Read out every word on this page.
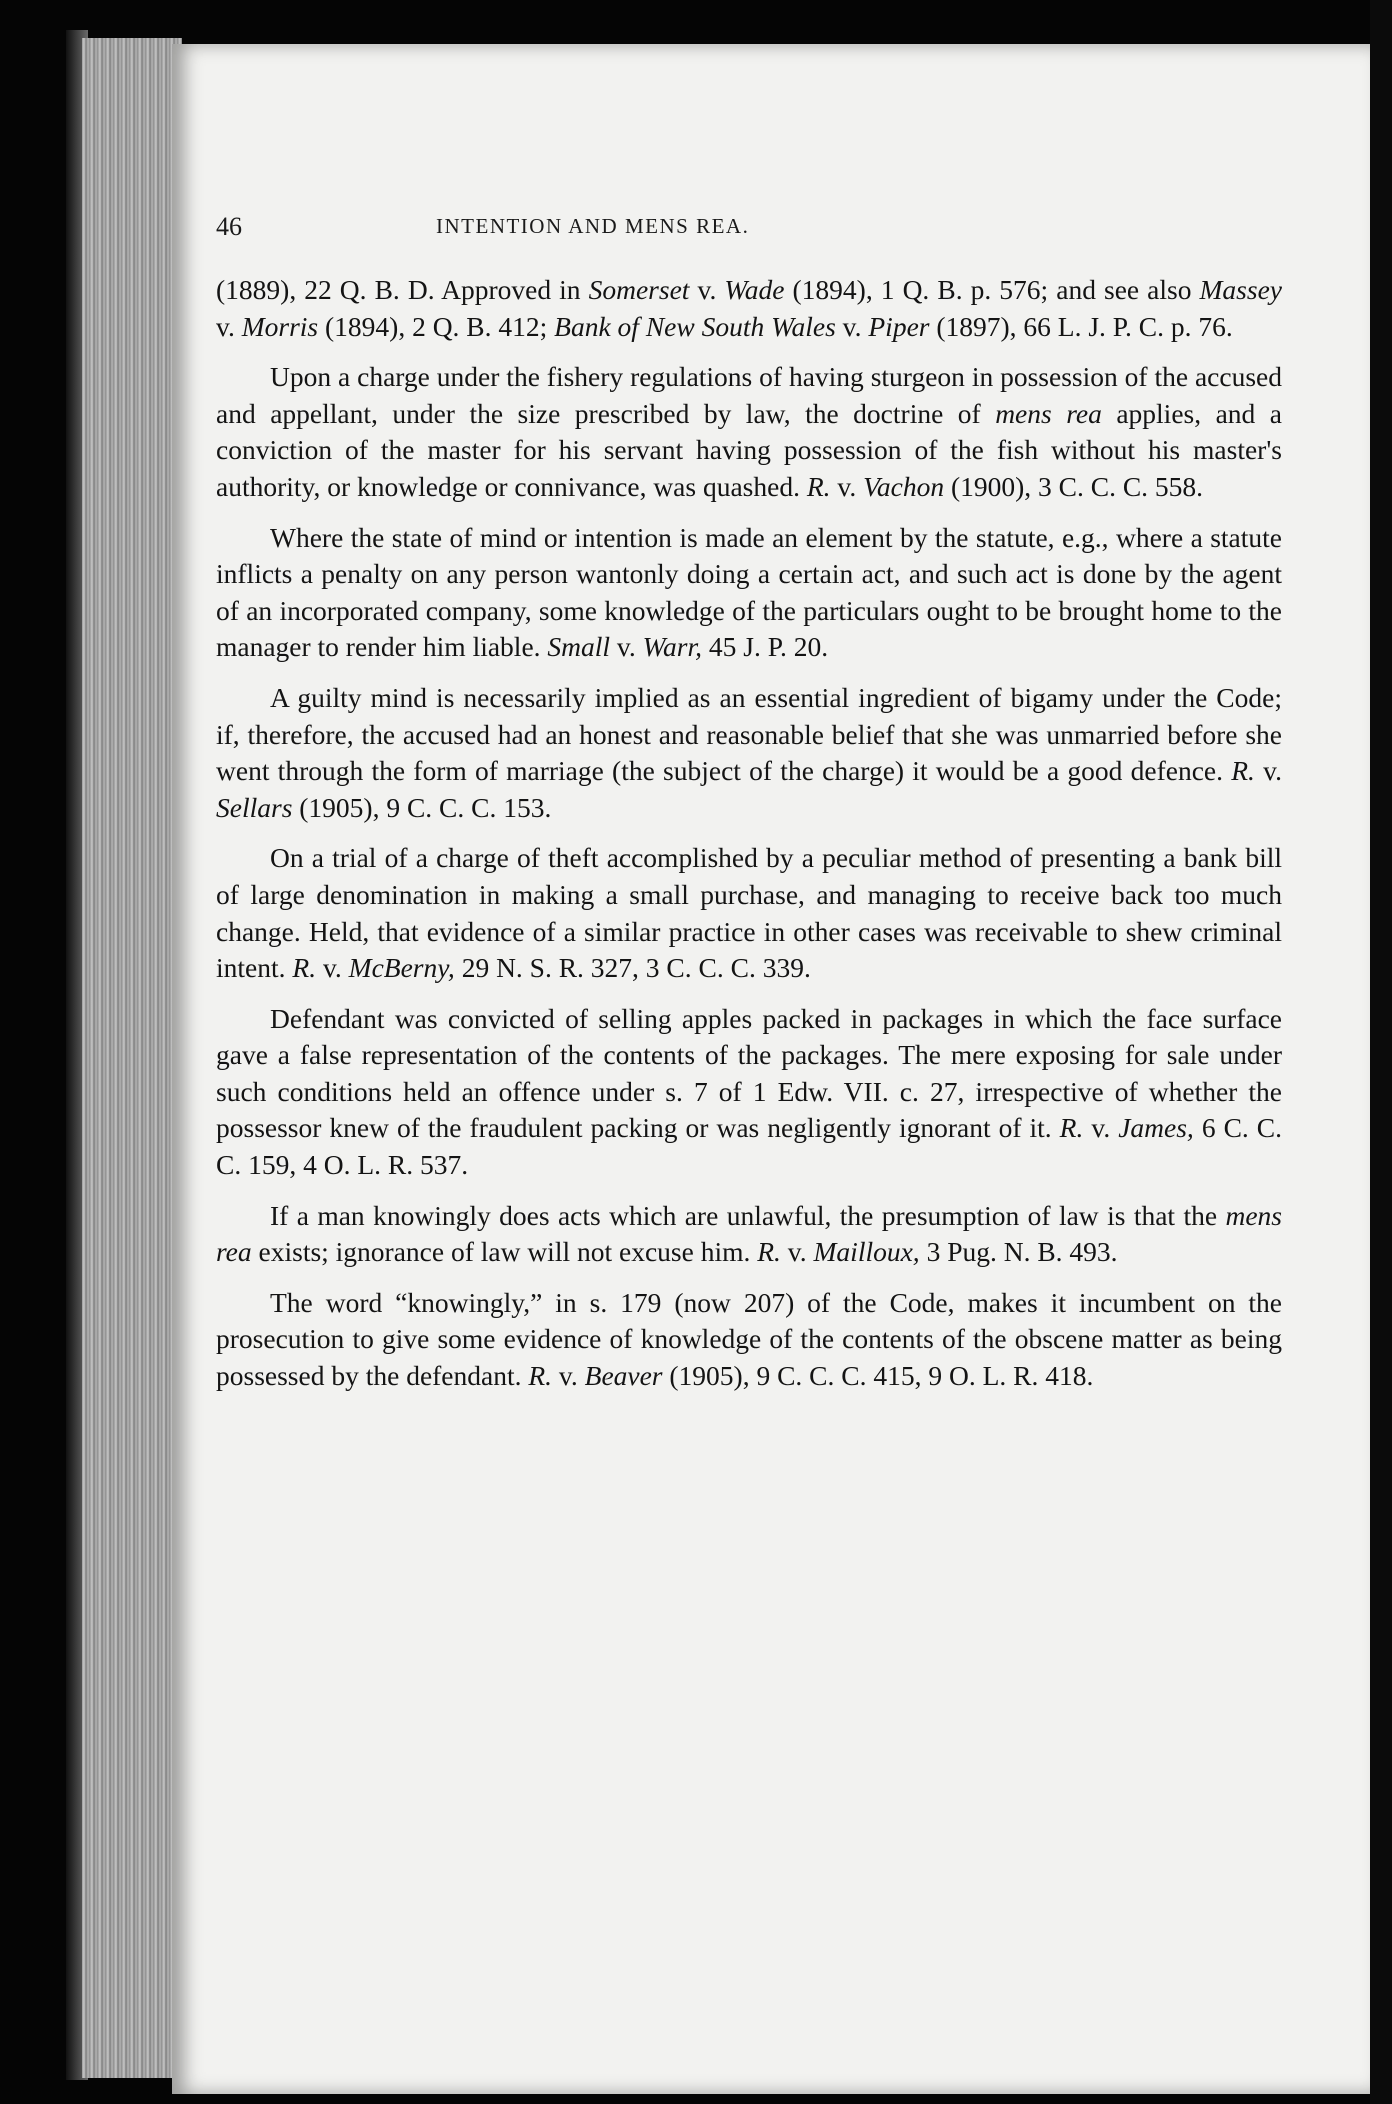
46	INTENTION AND MENS REA.

(1889), 22 Q. B. D. Approved in Somerset v. Wade (1894), 1 Q. B. p. 576; and see also Massey v. Morris (1894), 2 Q. B. 412; Bank of New South Wales v. Piper (1897), 66 L. J. P. C. p. 76.

Upon a charge under the fishery regulations of having sturgeon in possession of the accused and appellant, under the size prescribed by law, the doctrine of mens rea applies, and a conviction of the master for his servant having possession of the fish without his master's authority, or knowledge or connivance, was quashed. R. v. Vachon (1900), 3 C. C. C. 558.

Where the state of mind or intention is made an element by the statute, e.g., where a statute inflicts a penalty on any person wantonly doing a certain act, and such act is done by the agent of an incorporated company, some knowledge of the particulars ought to be brought home to the manager to render him liable. Small v. Warr, 45 J. P. 20.

A guilty mind is necessarily implied as an essential ingredient of bigamy under the Code; if, therefore, the accused had an honest and reasonable belief that she was unmarried before she went through the form of marriage (the subject of the charge) it would be a good defence. R. v. Sellars (1905), 9 C. C. C. 153.

On a trial of a charge of theft accomplished by a peculiar method of presenting a bank bill of large denomination in making a small purchase, and managing to receive back too much change. Held, that evidence of a similar practice in other cases was receivable to shew criminal intent. R. v. McBerny, 29 N. S. R. 327, 3 C. C. C. 339.

Defendant was convicted of selling apples packed in packages in which the face surface gave a false representation of the contents of the packages. The mere exposing for sale under such conditions held an offence under s. 7 of 1 Edw. VII. c. 27, irrespective of whether the possessor knew of the fraudulent packing or was negligently ignorant of it. R. v. James, 6 C. C. C. 159, 4 O. L. R. 537.

If a man knowingly does acts which are unlawful, the presumption of law is that the mens rea exists; ignorance of law will not excuse him. R. v. Mailloux, 3 Pug. N. B. 493.

The word “knowingly,” in s. 179 (now 207) of the Code, makes it incumbent on the prosecution to give some evidence of knowledge of the contents of the obscene matter as being possessed by the defendant. R. v. Beaver (1905), 9 C. C. C. 415, 9 O. L. R. 418.
